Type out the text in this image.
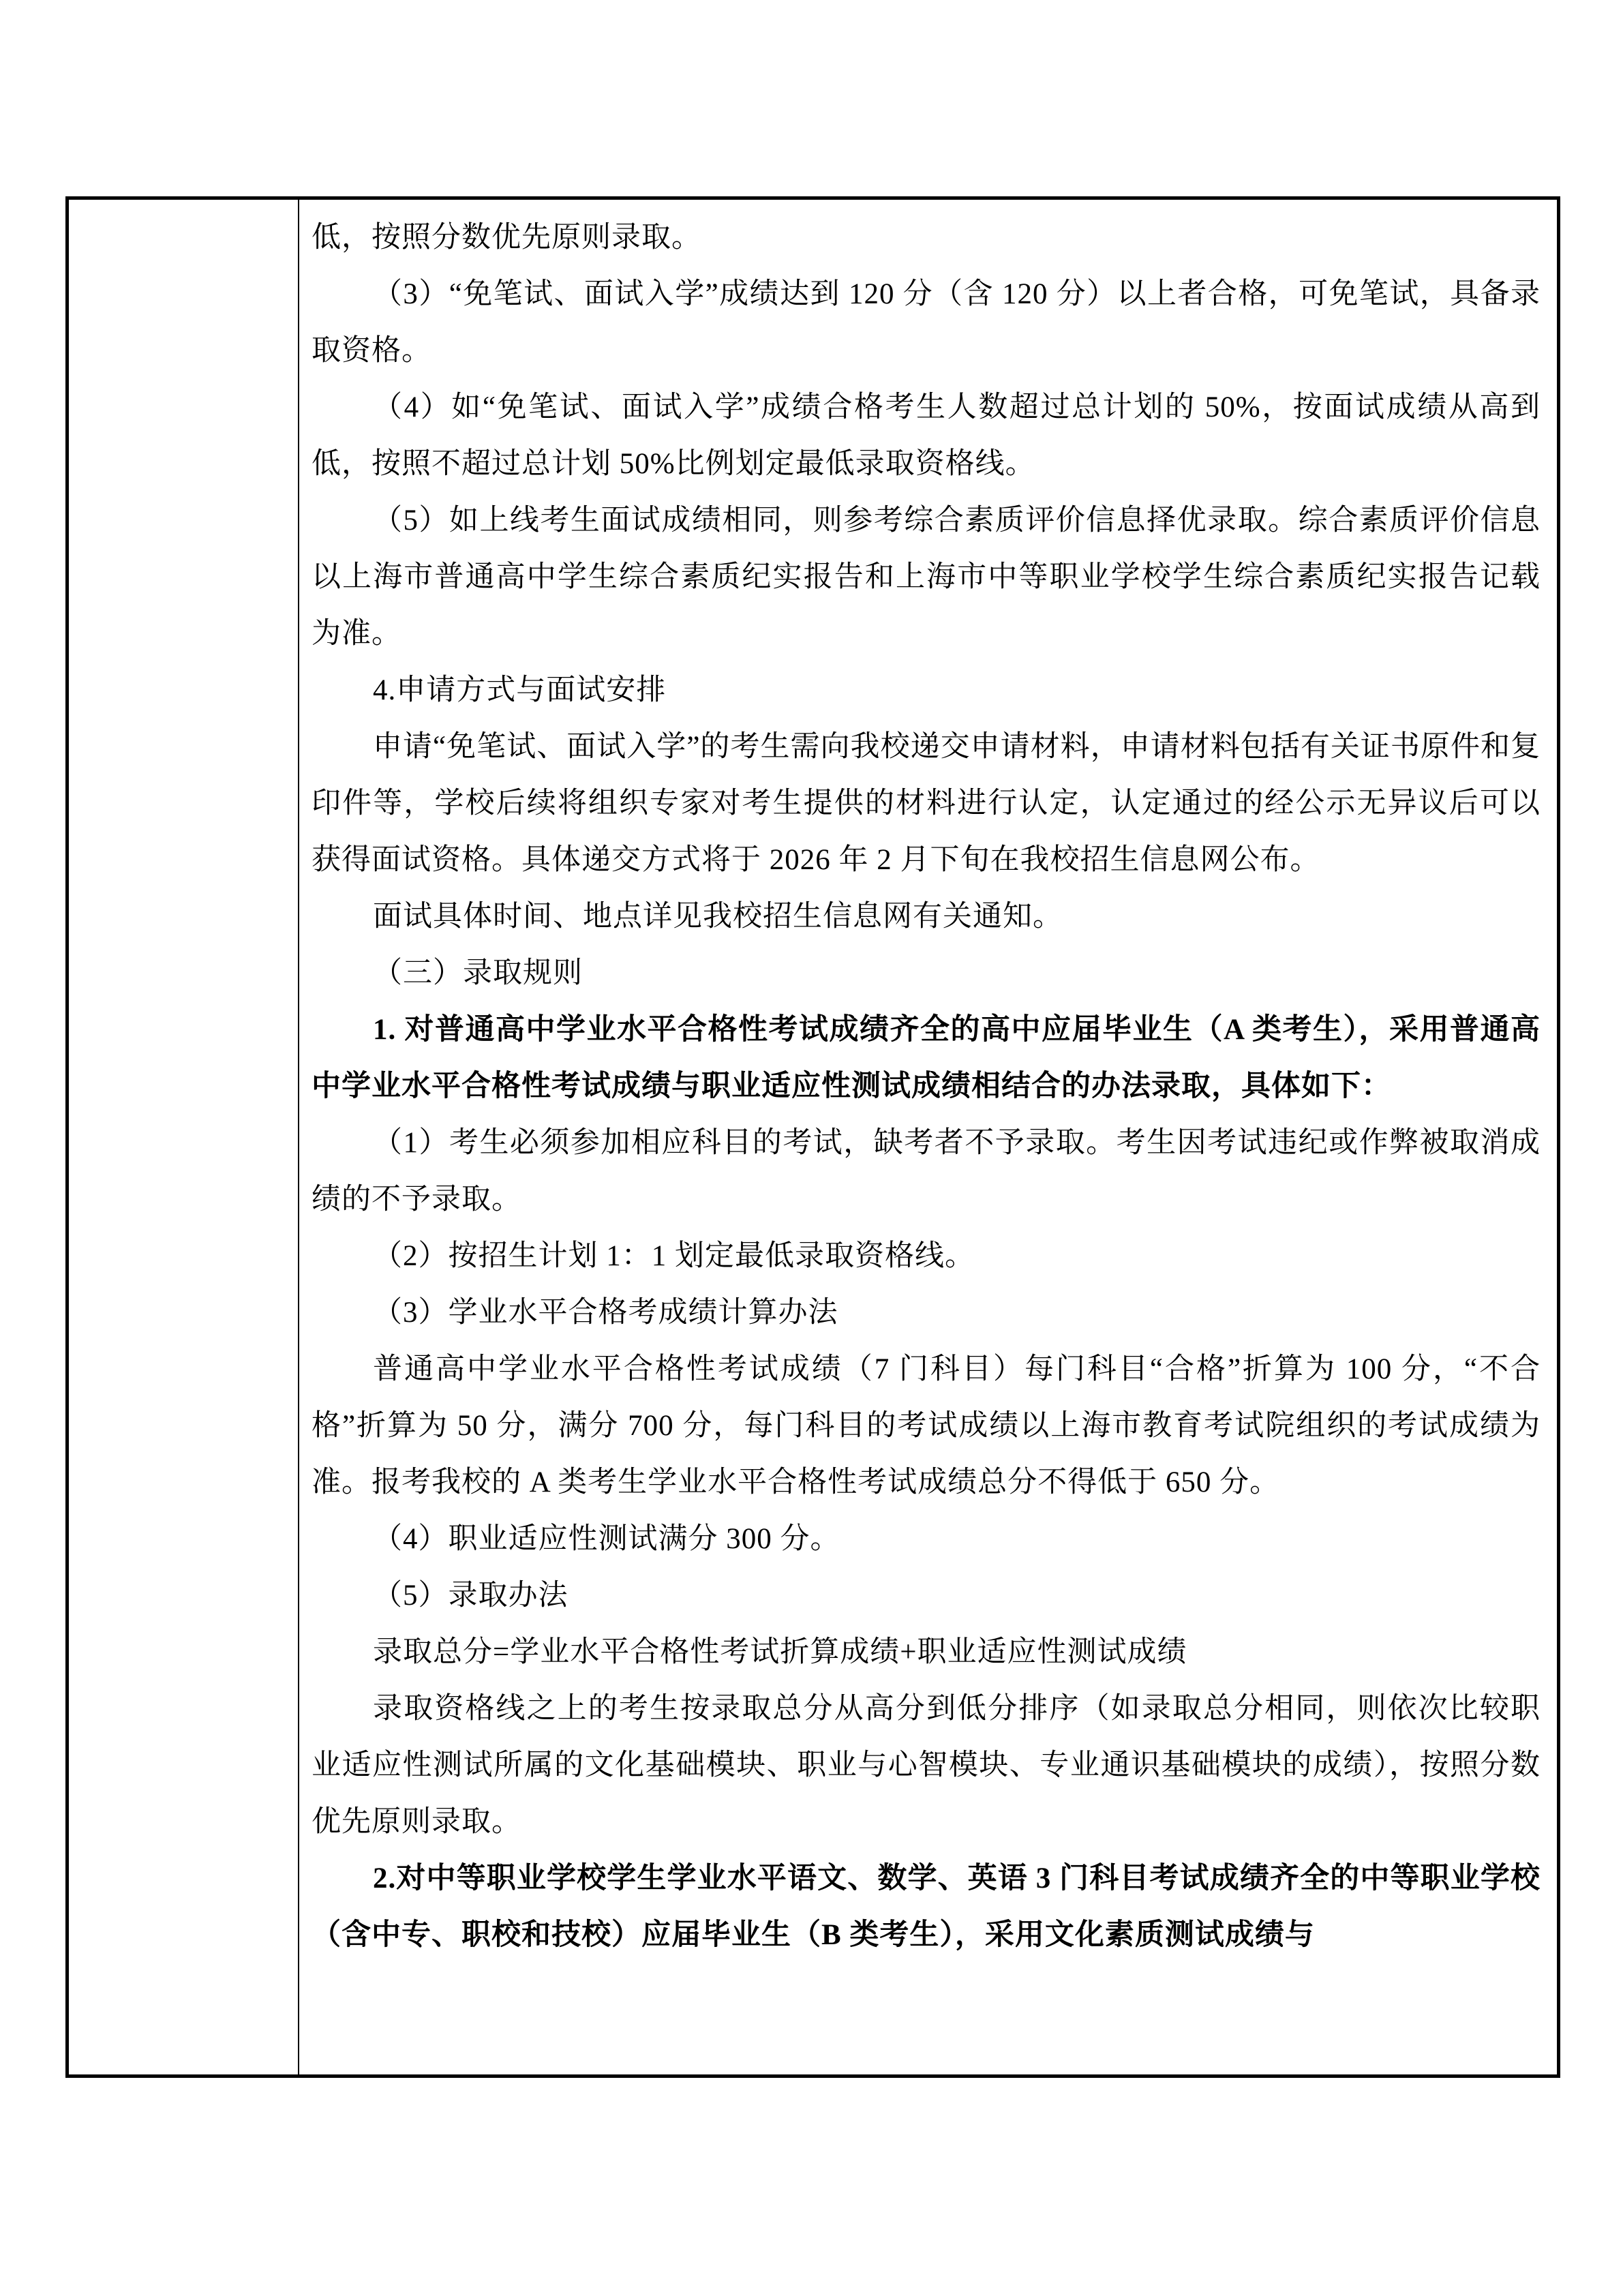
低，按照分数优先原则录取。
（3）“免笔试、面试入学”成绩达到 120 分（含 120 分）以上者合格，可免笔试，具备录取资格。
（4）如“免笔试、面试入学”成绩合格考生人数超过总计划的 50%，按面试成绩从高到低，按照不超过总计划 50%比例划定最低录取资格线。
（5）如上线考生面试成绩相同，则参考综合素质评价信息择优录取。综合素质评价信息以上海市普通高中学生综合素质纪实报告和上海市中等职业学校学生综合素质纪实报告记载为准。
4.申请方式与面试安排
申请“免笔试、面试入学”的考生需向我校递交申请材料，申请材料包括有关证书原件和复印件等，学校后续将组织专家对考生提供的材料进行认定，认定通过的经公示无异议后可以获得面试资格。具体递交方式将于 2026 年 2 月下旬在我校招生信息网公布。
面试具体时间、地点详见我校招生信息网有关通知。
（三）录取规则
1. 对普通高中学业水平合格性考试成绩齐全的高中应届毕业生（A 类考生），采用普通高中学业水平合格性考试成绩与职业适应性测试成绩相结合的办法录取，具体如下：
（1）考生必须参加相应科目的考试，缺考者不予录取。考生因考试违纪或作弊被取消成绩的不予录取。
（2）按招生计划 1：1 划定最低录取资格线。
（3）学业水平合格考成绩计算办法
普通高中学业水平合格性考试成绩（7 门科目）每门科目“合格”折算为 100 分，“不合格”折算为 50 分，满分 700 分，每门科目的考试成绩以上海市教育考试院组织的考试成绩为准。报考我校的 A 类考生学业水平合格性考试成绩总分不得低于 650 分。
（4）职业适应性测试满分 300 分。
（5）录取办法
录取总分=学业水平合格性考试折算成绩+职业适应性测试成绩
录取资格线之上的考生按录取总分从高分到低分排序（如录取总分相同，则依次比较职业适应性测试所属的文化基础模块、职业与心智模块、专业通识基础模块的成绩），按照分数优先原则录取。
2.对中等职业学校学生学业水平语文、数学、英语 3 门科目考试成绩齐全的中等职业学校（含中专、职校和技校）应届毕业生（B 类考生），采用文化素质测试成绩与
